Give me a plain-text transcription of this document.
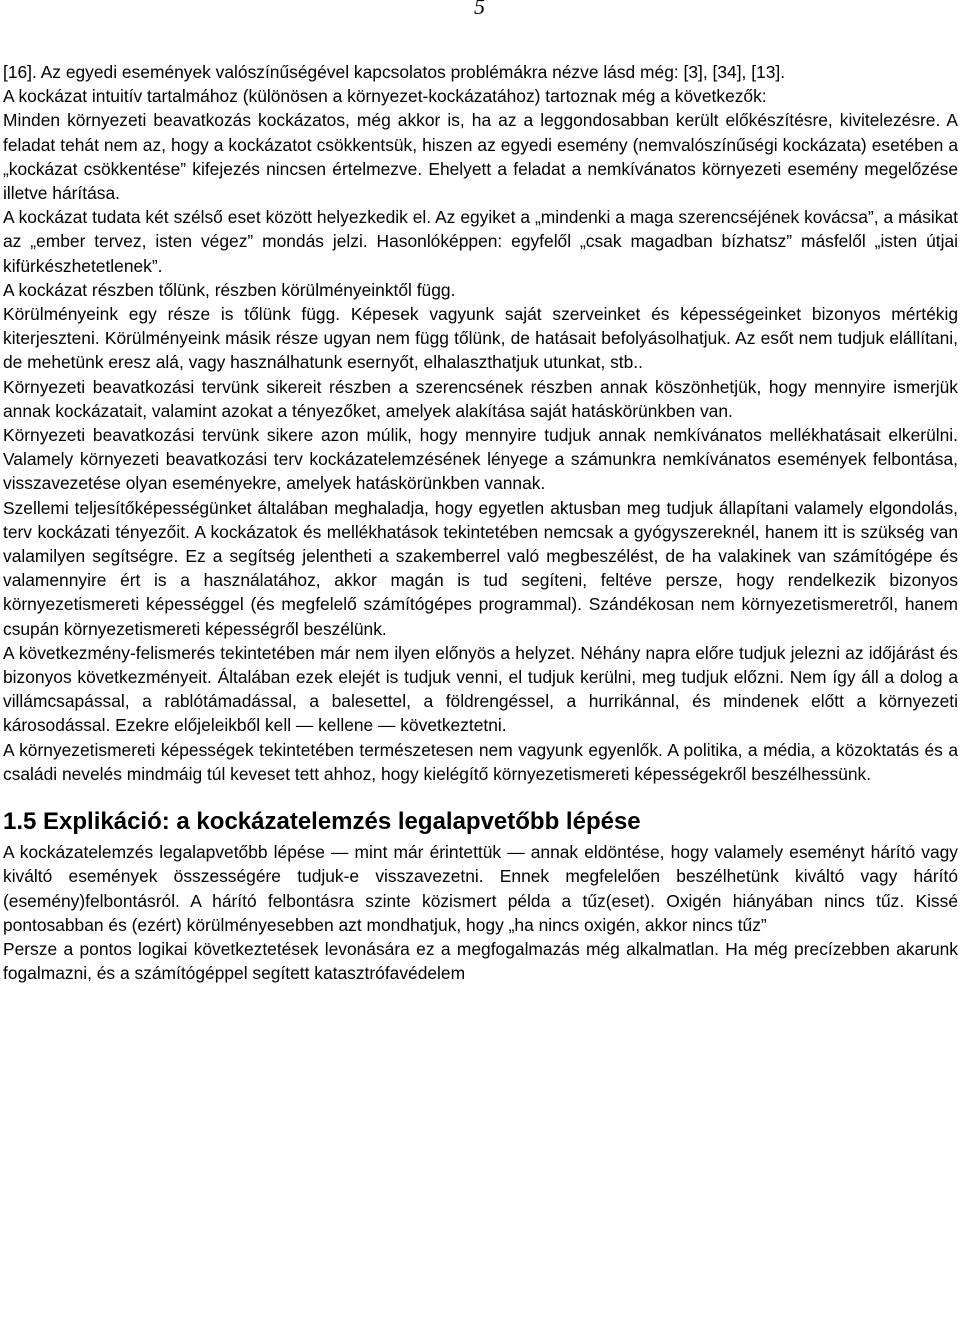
5

[16]. Az egyedi események valószínűségével kapcsolatos problémákra nézve lásd még: [3], [34], [13].

A kockázat intuitív tartalmához (különösen a környezet-kockázatához) tartoznak még a következők:

Minden környezeti beavatkozás kockázatos, még akkor is, ha az a leggondosabban került előkészítésre, kivitelezésre. A feladat tehát nem az, hogy a kockázatot csökkentsük, hiszen az egyedi esemény (nemvalószínűségi kockázata) esetében a „kockázat csökkentése” kifejezés nincsen értelmezve. Ehelyett a feladat a nemkívánatos környezeti esemény megelőzése illetve hárítása.

A kockázat tudata két szélső eset között helyezkedik el. Az egyiket a „mindenki a maga szerencséjének kovácsa”, a másikat az „ember tervez, isten végez” mondás jelzi. Hasonlóképpen: egyfelől „csak magadban bízhatsz” másfelől „isten útjai kifürkészhetetlenek”.

A kockázat részben tőlünk, részben körülményeinktől függ.

Körülményeink egy része is tőlünk függ. Képesek vagyunk saját szerveinket és képességeinket bizonyos mértékig kiterjeszteni. Körülményeink másik része ugyan nem függ tőlünk, de hatásait befolyásolhatjuk. Az esőt nem tudjuk elállítani, de mehetünk eresz alá, vagy használhatunk esernyőt, elhalaszthatjuk utunkat, stb..

Környezeti beavatkozási tervünk sikereit részben a szerencsének részben annak köszönhetjük, hogy mennyire ismerjük annak kockázatait, valamint azokat a tényezőket, amelyek alakítása saját hatáskörünkben van.

Környezeti beavatkozási tervünk sikere azon múlik, hogy mennyire tudjuk annak nemkívánatos mellékhatásait elkerülni. Valamely környezeti beavatkozási terv kockázatelemzésének lényege a számunkra nemkívánatos események felbontása, visszavezetése olyan eseményekre, amelyek hatáskörünkben vannak.

Szellemi teljesítőképességünket általában meghaladja, hogy egyetlen aktusban meg tudjuk állapítani valamely elgondolás, terv kockázati tényezőit. A kockázatok és mellékhatások tekintetében nemcsak a gyógyszereknél, hanem itt is szükség van valamilyen segítségre. Ez a segítség jelentheti a szakemberrel való megbeszélést, de ha valakinek van számítógépe és valamennyire ért is a használatához, akkor magán is tud segíteni, feltéve persze, hogy rendelkezik bizonyos környezetismereti képességgel (és megfelelő számítógépes programmal). Szándékosan nem környezetismeretről, hanem csupán környezetismereti képességről beszélünk.

A következmény-felismerés tekintetében már nem ilyen előnyös a helyzet. Néhány napra előre tudjuk jelezni az időjárást és bizonyos következményeit. Általában ezek elejét is tudjuk venni, el tudjuk kerülni, meg tudjuk előzni. Nem így áll a dolog a villámcsapással, a rablótámadással, a balesettel, a földrengéssel, a hurrikánnal, és mindenek előtt a környezeti károsodással. Ezekre előjeleikből kell — kellene — következtetni.

A környezetismereti képességek tekintetében természetesen nem vagyunk egyenlők. A politika, a média, a közoktatás és a családi nevelés mindmáig túl keveset tett ahhoz, hogy kielégítő környezetismereti képességekről beszélhessünk.

1.5 Explikáció: a kockázatelemzés legalapvetőbb lépése

A kockázatelemzés legalapvetőbb lépése — mint már érintettük — annak eldöntése, hogy valamely eseményt hárító vagy kiváltó események összességére tudjuk-e visszavezetni. Ennek megfelelően beszélhetünk kiváltó vagy hárító (esemény)felbontásról. A hárító felbontásra szinte közismert példa a tűz(eset). Oxigén hiányában nincs tűz. Kissé pontosabban és (ezért) körülményesebben azt mondhatjuk, hogy „ha nincs oxigén, akkor nincs tűz”

Persze a pontos logikai következtetések levonására ez a megfogalmazás még alkalmatlan. Ha még precízebben akarunk fogalmazni, és a számítógéppel segített katasztrófavédelem
